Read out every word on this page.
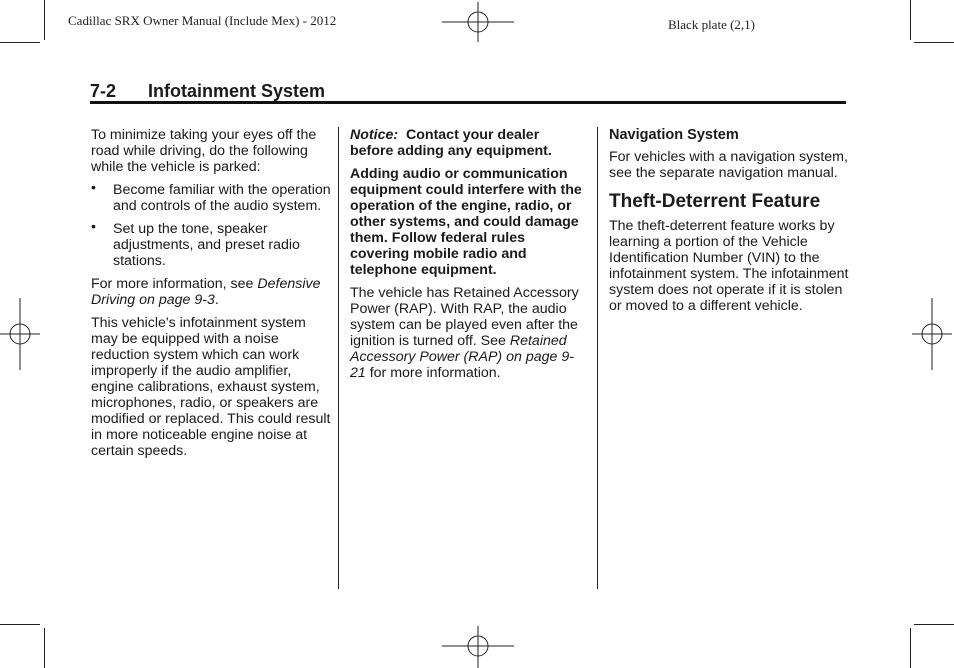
Cadillac SRX Owner Manual (Include Mex) - 2012	Black plate (2,1)
7-2 Infotainment System

To minimize taking your eyes off the road while driving, do the following while the vehicle is parked:

• Become familiar with the operation and controls of the audio system.
• Set up the tone, speaker adjustments, and preset radio stations.

For more information, see Defensive Driving on page 9-3.

This vehicle's infotainment system may be equipped with a noise reduction system which can work improperly if the audio amplifier, engine calibrations, exhaust system, microphones, radio, or speakers are modified or replaced. This could result in more noticeable engine noise at certain speeds.

Notice: Contact your dealer before adding any equipment.

Adding audio or communication equipment could interfere with the operation of the engine, radio, or other systems, and could damage them. Follow federal rules covering mobile radio and telephone equipment.

The vehicle has Retained Accessory Power (RAP). With RAP, the audio system can be played even after the ignition is turned off. See Retained Accessory Power (RAP) on page 9-21 for more information.

Navigation System

For vehicles with a navigation system, see the separate navigation manual.

Theft-Deterrent Feature

The theft-deterrent feature works by learning a portion of the Vehicle Identification Number (VIN) to the infotainment system. The infotainment system does not operate if it is stolen or moved to a different vehicle.
